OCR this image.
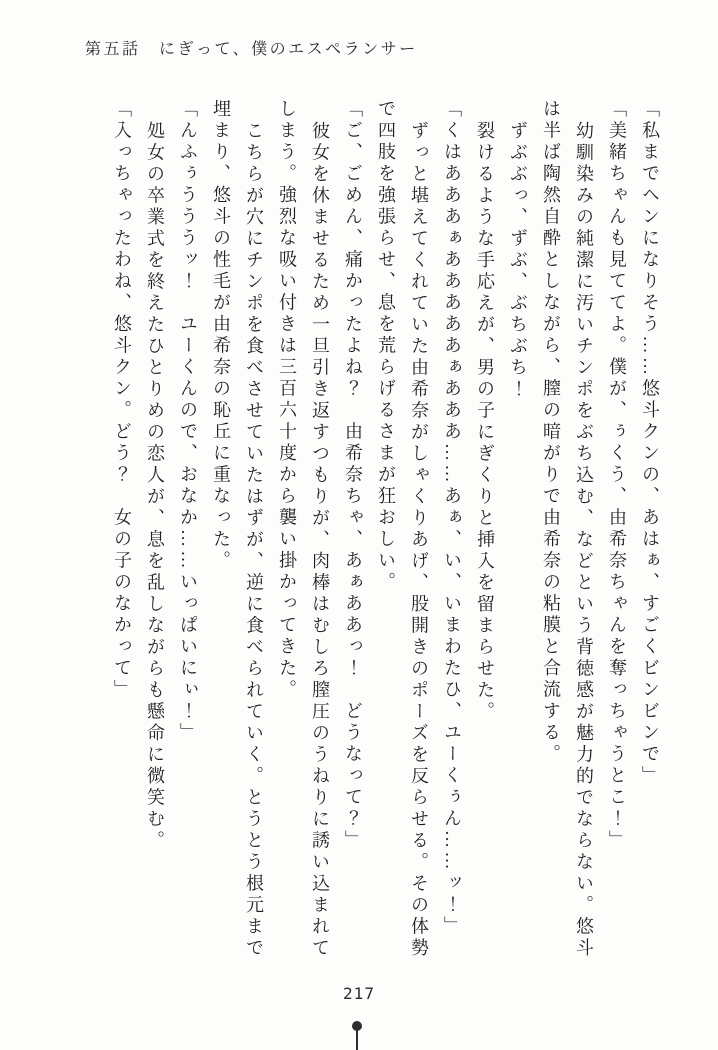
第五話　にぎって、僕のエスペランサー

「私までヘンになりそう……悠斗クンの、あはぁ、すごくビンビンで」

「美緒ちゃんも見ててよ。僕が、ぅくう、由希奈ちゃんを奪っちゃうとこ！」

幼馴染みの純潔に汚いチンポをぶち込む、などという背徳感が魅力的でならない。悠斗は半ば陶然自酔としながら、膣の暗がりで由希奈の粘膜と合流する。

ずぶぶっ、ずぶ、ぶちぶち！

裂けるような手応えが、男の子にぎくりと挿入を留まらせた。

「くはあああぁあああああぁあああ……あぁ、い、いまわたひ、ユーくぅん……ッ！」

ずっと堪えてくれていた由希奈がしゃくりあげ、股開きのポーズを反らせる。その体勢で四肢を強張らせ、息を荒らげるさまが狂おしい。

「ご、ごめん、痛かったよね？　由希奈ちゃ、あぁああっ！　どうなって？」

彼女を休ませるため一旦引き返すつもりが、肉棒はむしろ膣圧のうねりに誘い込まれてしまう。強烈な吸い付きは三百六十度から襲い掛かってきた。

こちらが穴にチンポを食べさせていたはずが、逆に食べられていく。とうとう根元まで埋まり、悠斗の性毛が由希奈の恥丘に重なった。

「んふぅうううッ！　ユーくんので、おなか……いっぱいにぃ！」

処女の卒業式を終えたひとりめの恋人が、息を乱しながらも懸命に微笑む。

「入っちゃったわね、悠斗クン。どう？　女の子のなかって」

217
